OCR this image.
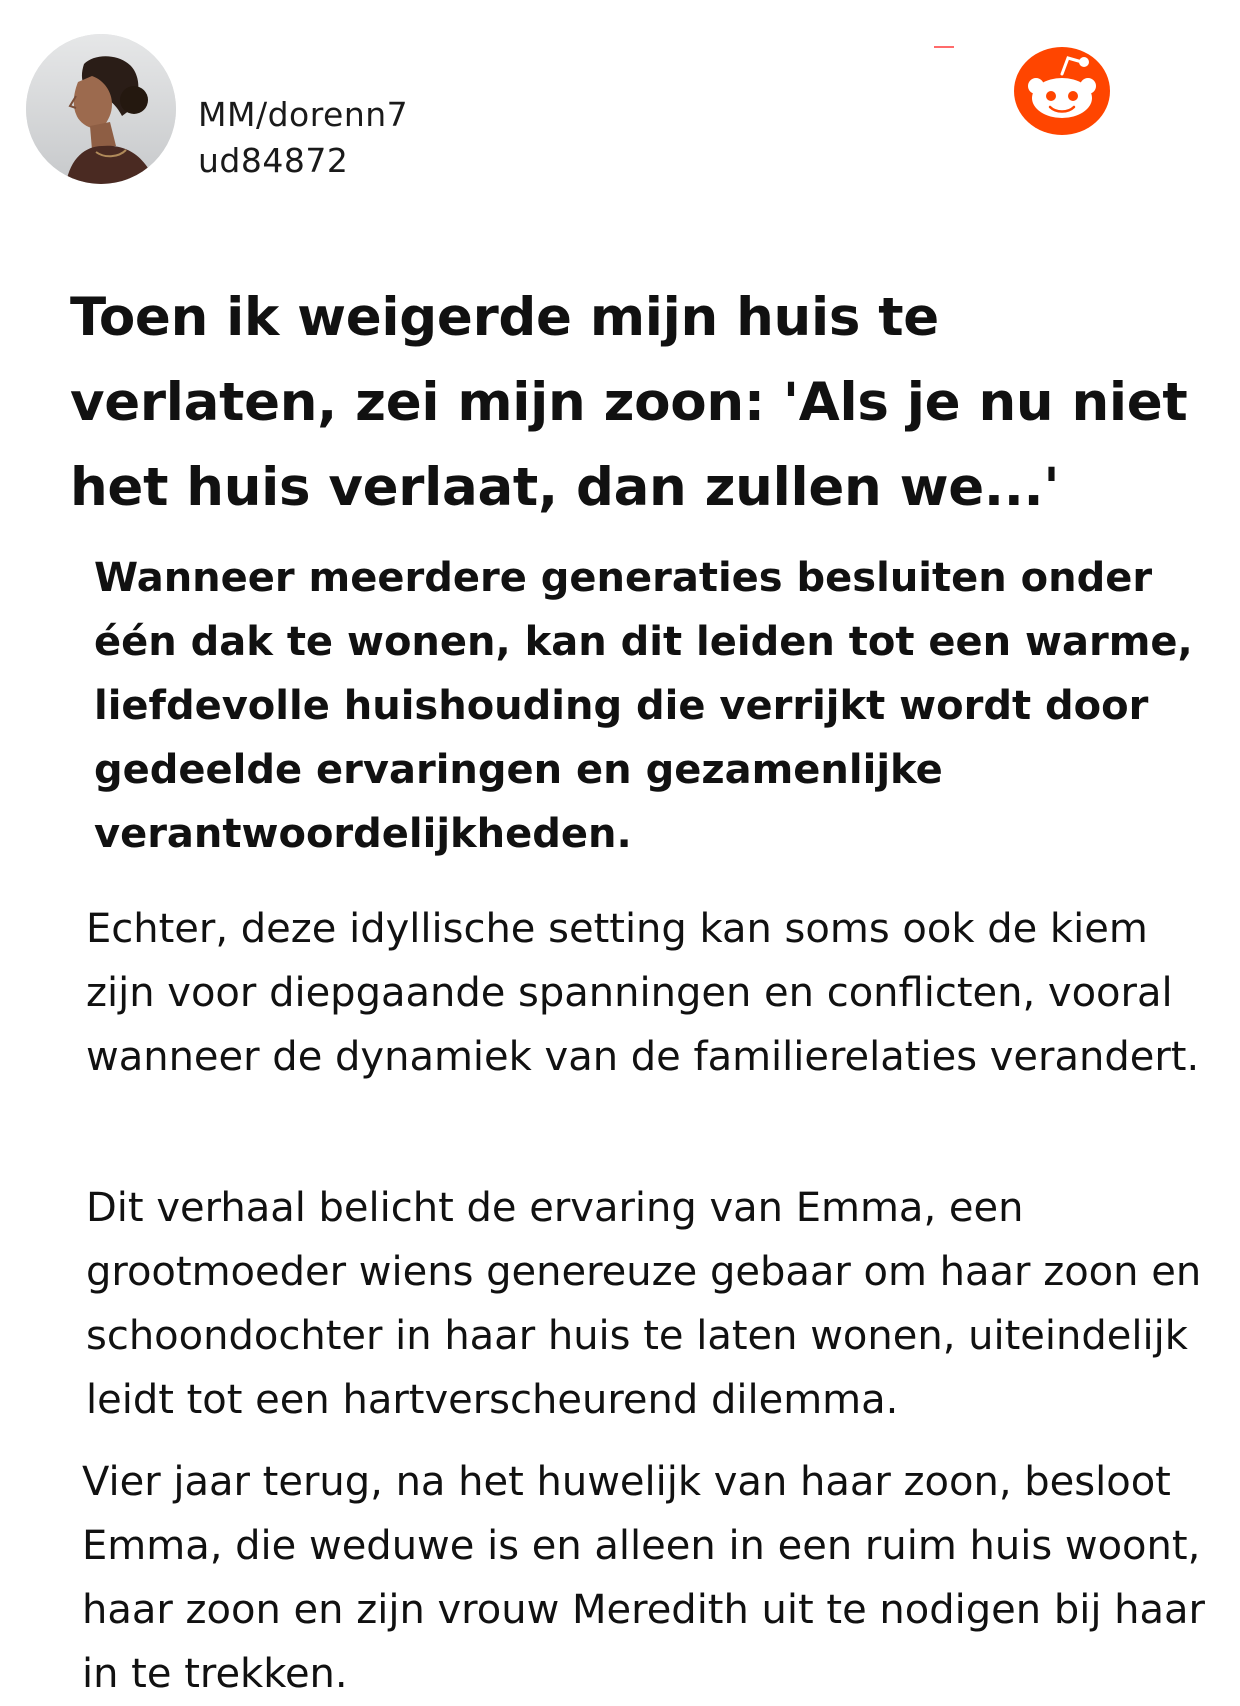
MM/dorenn7
ud84872
Toen ik weigerde mijn huis te verlaten, zei mijn zoon: 'Als je nu niet het huis verlaat, dan zullen we...'

Wanneer meerdere generaties besluiten onder één dak te wonen, kan dit leiden tot een warme, liefdevolle huishouding die verrijkt wordt door gedeelde ervaringen en gezamenlijke verantwoordelijkheden.

Echter, deze idyllische setting kan soms ook de kiem zijn voor diepgaande spanningen en conflicten, vooral wanneer de dynamiek van de familierelaties verandert.

Dit verhaal belicht de ervaring van Emma, een grootmoeder wiens genereuze gebaar om haar zoon en schoondochter in haar huis te laten wonen, uiteindelijk leidt tot een hartverscheurend dilemma.

Vier jaar terug, na het huwelijk van haar zoon, besloot Emma, die weduwe is en alleen in een ruim huis woont, haar zoon en zijn vrouw Meredith uit te nodigen bij haar in te trekken.
